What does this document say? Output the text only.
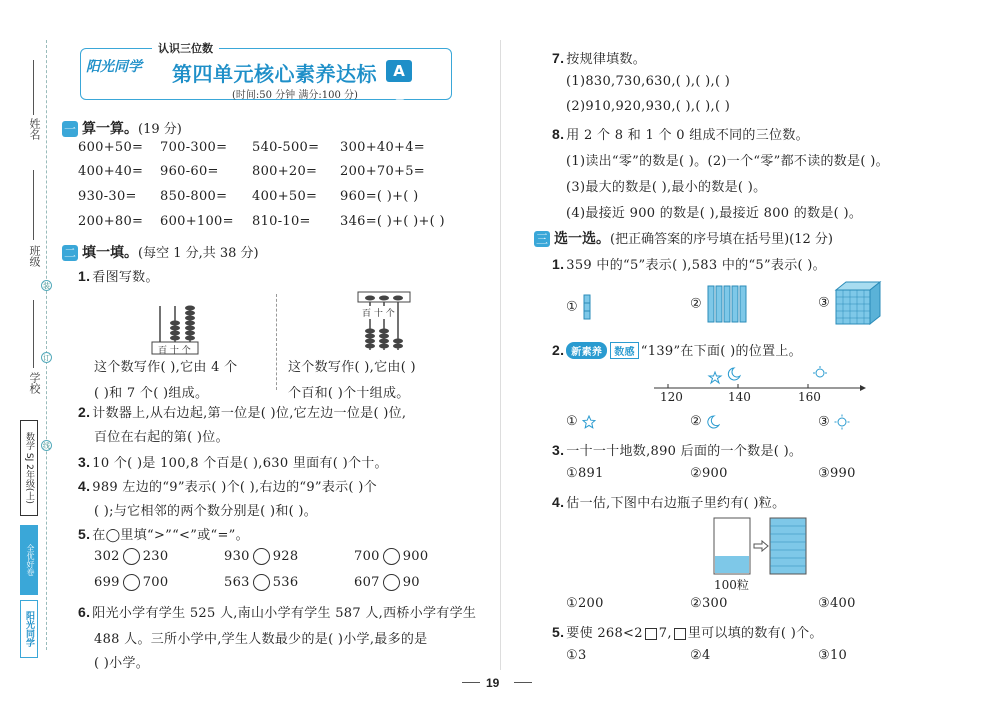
姓名
班级
学校
装
订
线
数学 SJ 2年级(上)
全优好卷
阳光同学
认识三位数
阳光同学 第四单元核心素养达标	A卷
(时间:50 分钟 满分:100 分)
一 算一算。(19 分)
600+50= 700-300= 540-500= 300+40+4=
400+40= 960-60=	800+20= 200+70+5=
930-30= 850-800= 400+50= 960=( )+( )
200+80= 600+100= 810-10= 346=( )+( )+( )
二 填一填。(每空 1 分,共 38 分)
1. 看图写数。
百 十 个
百 十 个
这个数写作( ),它由 4 个
( )和 7 个( )组成。
这个数写作( ),它由( )
个百和( )个十组成。
2. 计数器上,从右边起,第一位是( )位,它左边一位是( )位,
百位在右起的第( )位。
3. 10 个( )是 100,8 个百是( ),630 里面有( )个十。
4. 989 左边的“9”表示( )个( ),右边的“9”表示( )个
( );与它相邻的两个数分别是( )和( )。
5. 在◯里填“>”“<”或“=”。
302 230	930 928	700 900
699 700	563 536	607 90
6. 阳光小学有学生 525 人,南山小学有学生 587 人,西桥小学有学生
488 人。三所小学中,学生人数最少的是( )小学,最多的是
( )小学。
7. 按规律填数。
(1)830,730,630,( ),( ),( )
(2)910,920,930,( ),( ),( )
8. 用 2 个 8 和 1 个 0 组成不同的三位数。
(1)读出“零”的数是( )。(2)一个“零”都不读的数是( )。
(3)最大的数是( ),最小的数是( )。
(4)最接近 900 的数是( ),最接近 800 的数是( )。
三 选一选。(把正确答案的序号填在括号里)(12 分)
1. 359 中的“5”表示( ),583 中的“5”表示( )。
①	②	③
2. 新素养 数感 “139”在下面( )的位置上。
120	140	160
①	②	③
3. 一十一十地数,890 后面的一个数是( )。
①891	②900	③990
4. 估一估,下图中右边瓶子里约有( )粒。
100粒
①200	②300	③400
5. 要使 268<2 7, 里可以填的数有( )个。
①3	②4	③10
19
